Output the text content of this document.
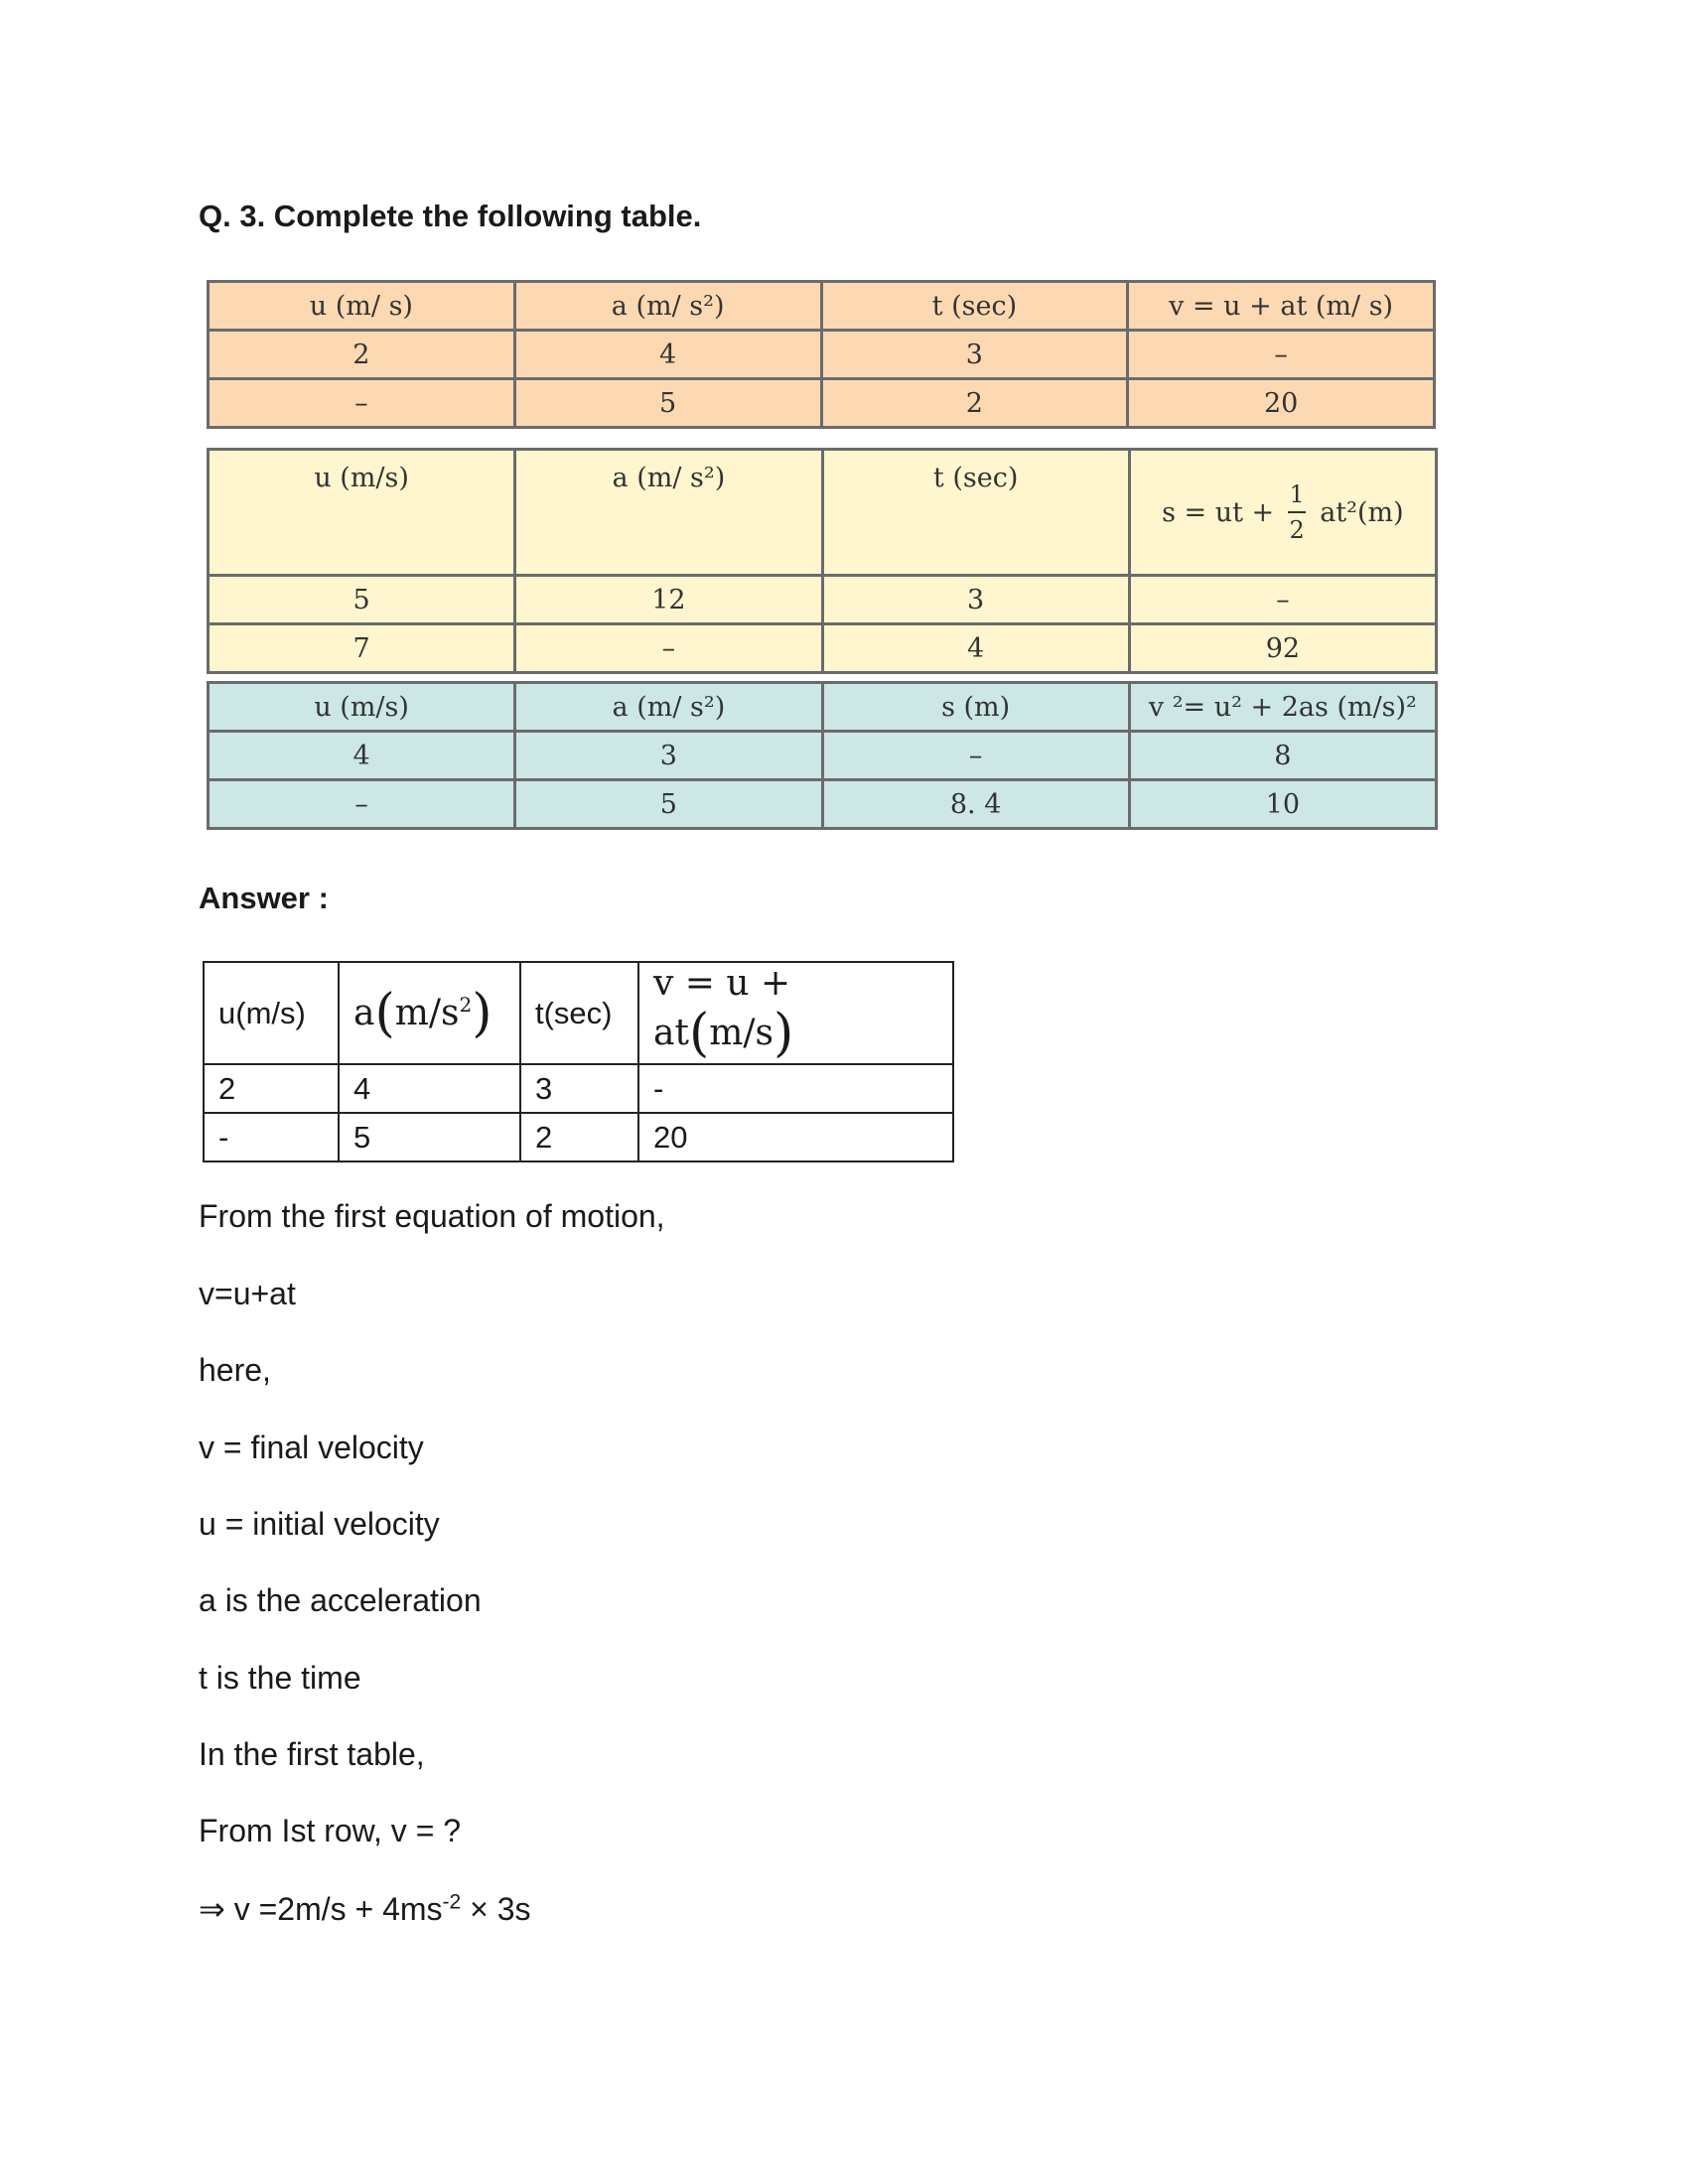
Q. 3. Complete the following table.
u (m/ s)	a (m/ s²)	t (sec)	v = u + at (m/ s)
2	4	3	–
–	5	2	20
u (m/s)	a (m/ s²)	t (sec)	s = ut + $\frac{1}{2} at^2(m)$

5	12	3	–
7	–	4	92
u (m/s)	a (m/ s²)	s (m)	v ²= u² + 2as (m/s)²
4	3	–	8
–	5	8. 4	10
Answer :
u(m/s)	$a(m/s^2)$	t(sec)	v = u + at(m/s)
2	4	3	-
-	5	2	20
From the first equation of motion,
v=u+at
here,
v = final velocity
u = initial velocity
a is the acceleration
t is the time
In the first table,
From Ist row, v = ?
⇒ $v =2m/s + 4ms^{-2} \times 3s$
